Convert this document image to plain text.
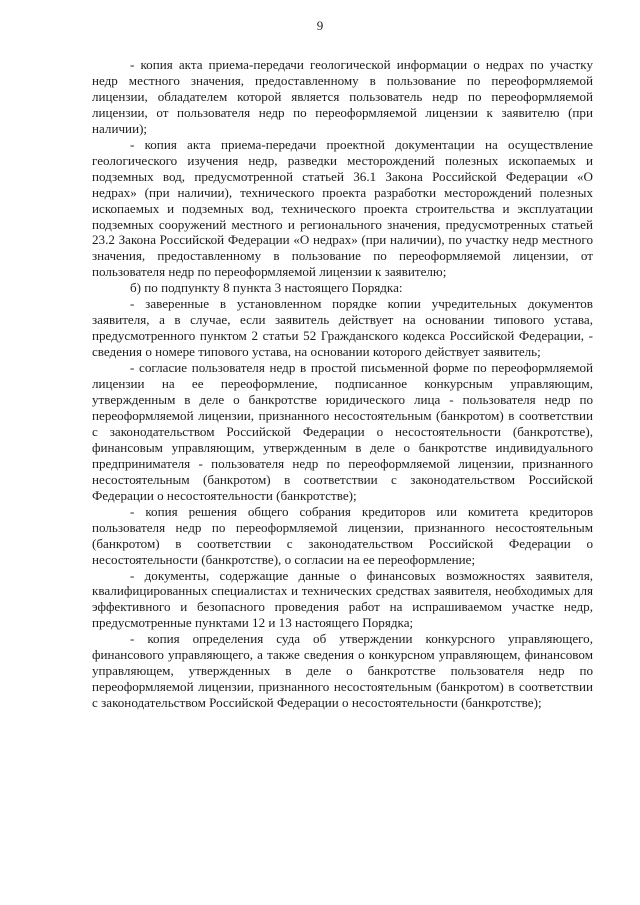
9

- копия акта приема-передачи геологической информации о недрах по участку недр местного значения, предоставленному в пользование по переоформляемой лицензии, обладателем которой является пользователь недр по переоформляемой лицензии, от пользователя недр по переоформляемой лицензии к заявителю (при наличии);

- копия акта приема-передачи проектной документации на осуществление геологического изучения недр, разведки месторождений полезных ископаемых и подземных вод, предусмотренной статьей 36.1 Закона Российской Федерации «О недрах» (при наличии), технического проекта разработки месторождений полезных ископаемых и подземных вод, технического проекта строительства и эксплуатации подземных сооружений местного и регионального значения, предусмотренных статьей 23.2 Закона Российской Федерации «О недрах» (при наличии), по участку недр местного значения, предоставленному в пользование по переоформляемой лицензии, от пользователя недр по переоформляемой лицензии к заявителю;

б) по подпункту 8 пункта 3 настоящего Порядка:

- заверенные в установленном порядке копии учредительных документов заявителя, а в случае, если заявитель действует на основании типового устава, предусмотренного пунктом 2 статьи 52 Гражданского кодекса Российской Федерации, - сведения о номере типового устава, на основании которого действует заявитель;

- согласие пользователя недр в простой письменной форме по переоформляемой лицензии на ее переоформление, подписанное конкурсным управляющим, утвержденным в деле о банкротстве юридического лица - пользователя недр по переоформляемой лицензии, признанного несостоятельным (банкротом) в соответствии с законодательством Российской Федерации о несостоятельности (банкротстве), финансовым управляющим, утвержденным в деле о банкротстве индивидуального предпринимателя - пользователя недр по переоформляемой лицензии, признанного несостоятельным (банкротом) в соответствии с законодательством Российской Федерации о несостоятельности (банкротстве);

- копия решения общего собрания кредиторов или комитета кредиторов пользователя недр по переоформляемой лицензии, признанного несостоятельным (банкротом) в соответствии с законодательством Российской Федерации о несостоятельности (банкротстве), о согласии на ее переоформление;

- документы, содержащие данные о финансовых возможностях заявителя, квалифицированных специалистах и технических средствах заявителя, необходимых для эффективного и безопасного проведения работ на испрашиваемом участке недр, предусмотренные пунктами 12 и 13 настоящего Порядка;

- копия определения суда об утверждении конкурсного управляющего, финансового управляющего, а также сведения о конкурсном управляющем, финансовом управляющем, утвержденных в деле о банкротстве пользователя недр по переоформляемой лицензии, признанного несостоятельным (банкротом) в соответствии с законодательством Российской Федерации о несостоятельности (банкротстве);
